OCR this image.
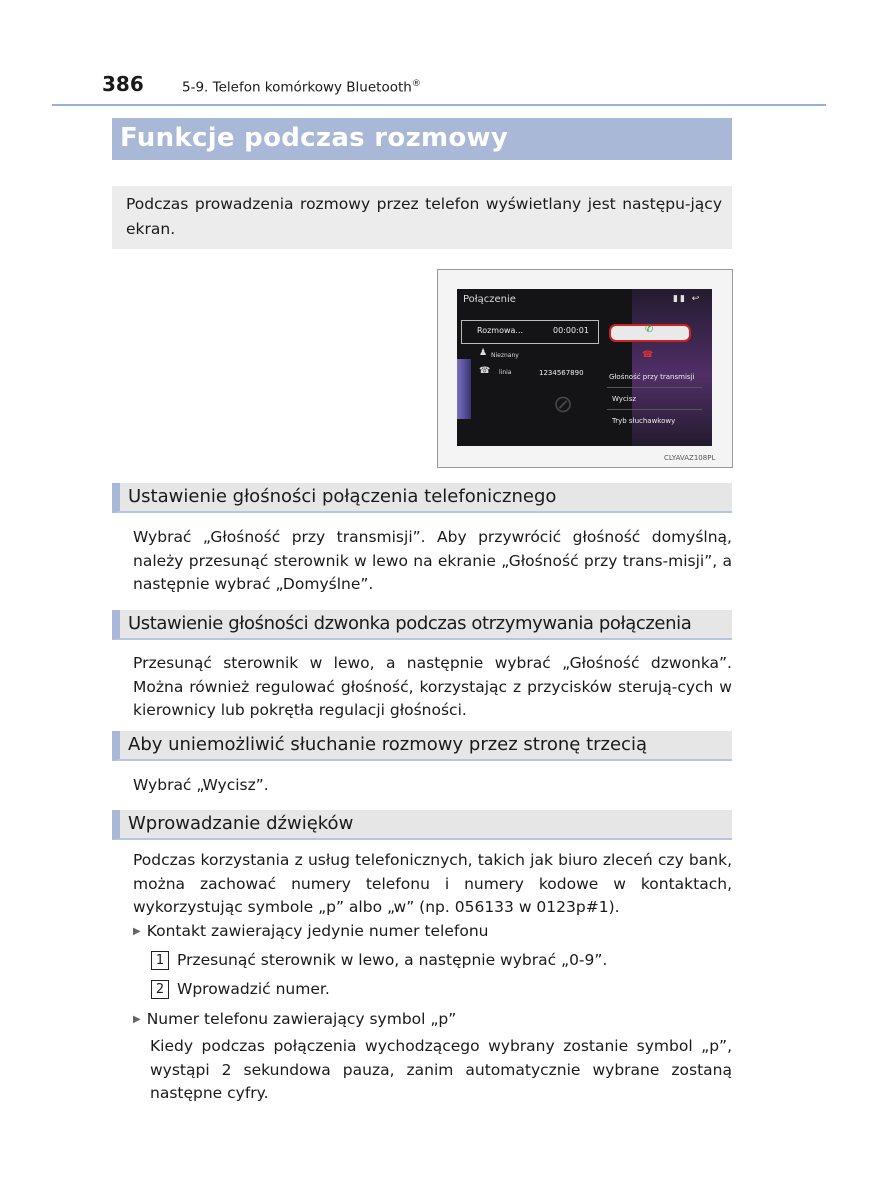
386	5-9. Telefon komórkowy Bluetooth®
Funkcje podczas rozmowy

Podczas prowadzenia rozmowy przez telefon wyświetlany jest następu-jący ekran.

Połączenie	▮▮ ↩
Rozmowa...	00:00:01
♟ Nieznany
☎ linia	1234567890
✆
☎
Głośność przy transmisji
Wycisz
Tryb słuchawkowy
⊘
CLYAVAZ108PL
Ustawienie głośności połączenia telefonicznego

Wybrać „Głośność przy transmisji”. Aby przywrócić głośność domyślną, należy przesunąć sterownik w lewo na ekranie „Głośność przy trans-misji”, a następnie wybrać „Domyślne”.

Ustawienie głośności dzwonka podczas otrzymywania połączenia

Przesunąć sterownik w lewo, a następnie wybrać „Głośność dzwonka”. Można również regulować głośność, korzystając z przycisków sterują-cych w kierownicy lub pokrętła regulacji głośności.

Aby uniemożliwić słuchanie rozmowy przez stronę trzecią

Wybrać „Wycisz”.

Wprowadzanie dźwięków

Podczas korzystania z usług telefonicznych, takich jak biuro zleceń czy bank, można zachować numery telefonu i numery kodowe w kontaktach, wykorzystując symbole „p” albo „w” (np. 056133 w 0123p#1).

▶ Kontakt zawierający jedynie numer telefonu
1 Przesunąć sterownik w lewo, a następnie wybrać „0-9”.
2 Wprowadzić numer.
▶ Numer telefonu zawierający symbol „p”

Kiedy podczas połączenia wychodzącego wybrany zostanie symbol „p”, wystąpi 2 sekundowa pauza, zanim automatycznie wybrane zostaną następne cyfry.
